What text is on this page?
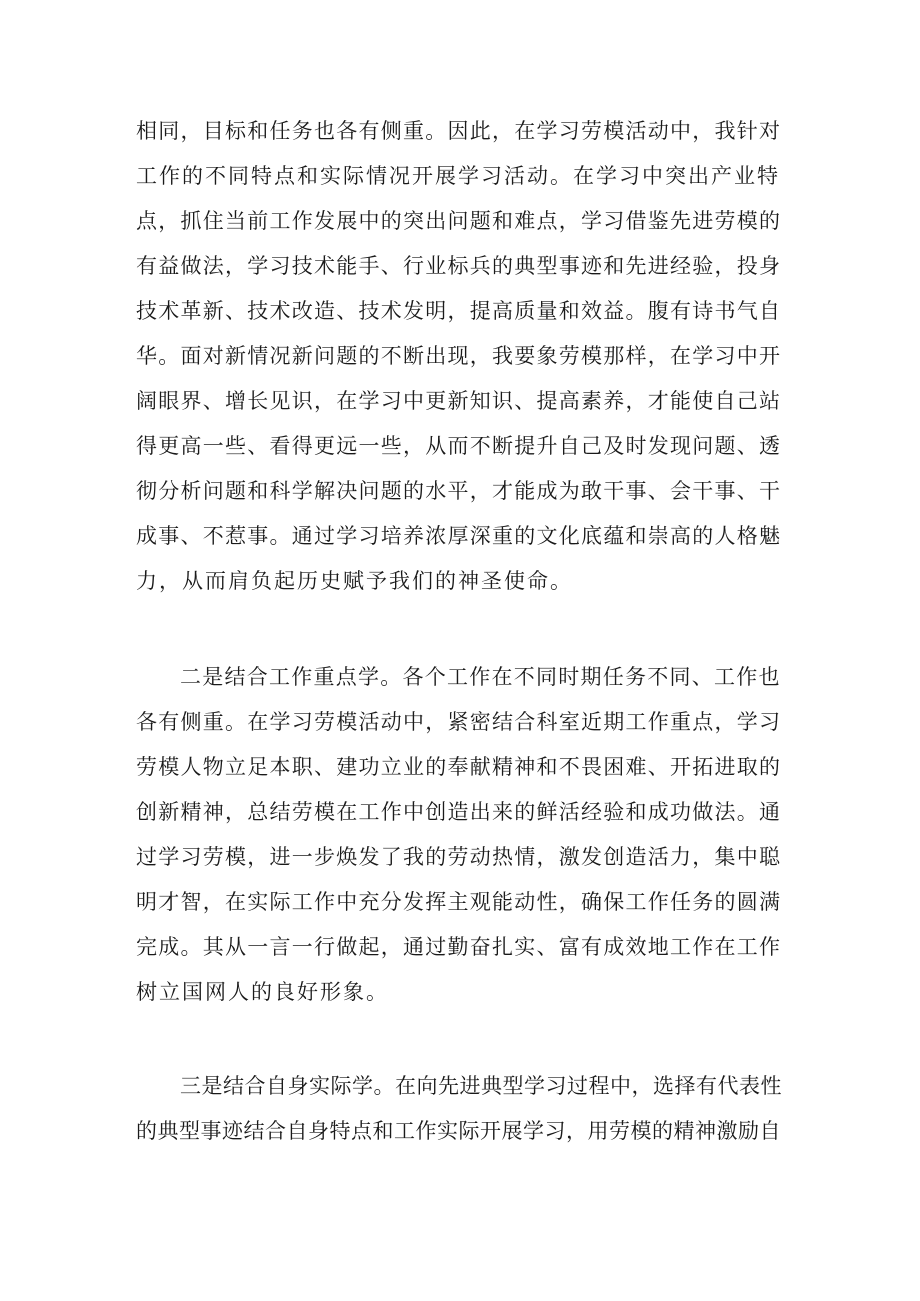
相同，目标和任务也各有侧重。因此，在学习劳模活动中，我针对
工作的不同特点和实际情况开展学习活动。在学习中突出产业特
点，抓住当前工作发展中的突出问题和难点，学习借鉴先进劳模的
有益做法，学习技术能手、行业标兵的典型事迹和先进经验，投身
技术革新、技术改造、技术发明，提高质量和效益。腹有诗书气自
华。面对新情况新问题的不断出现，我要象劳模那样，在学习中开
阔眼界、增长见识，在学习中更新知识、提高素养，才能使自己站
得更高一些、看得更远一些，从而不断提升自己及时发现问题、透
彻分析问题和科学解决问题的水平，才能成为敢干事、会干事、干
成事、不惹事。通过学习培养浓厚深重的文化底蕴和崇高的人格魅
力，从而肩负起历史赋予我们的神圣使命。
二是结合工作重点学。各个工作在不同时期任务不同、工作也
各有侧重。在学习劳模活动中，紧密结合科室近期工作重点，学习
劳模人物立足本职、建功立业的奉献精神和不畏困难、开拓进取的
创新精神，总结劳模在工作中创造出来的鲜活经验和成功做法。通
过学习劳模，进一步焕发了我的劳动热情，激发创造活力，集中聪
明才智，在实际工作中充分发挥主观能动性，确保工作任务的圆满
完成。其从一言一行做起，通过勤奋扎实、富有成效地工作在工作
树立国网人的良好形象。
三是结合自身实际学。在向先进典型学习过程中，选择有代表性
的典型事迹结合自身特点和工作实际开展学习，用劳模的精神激励自
